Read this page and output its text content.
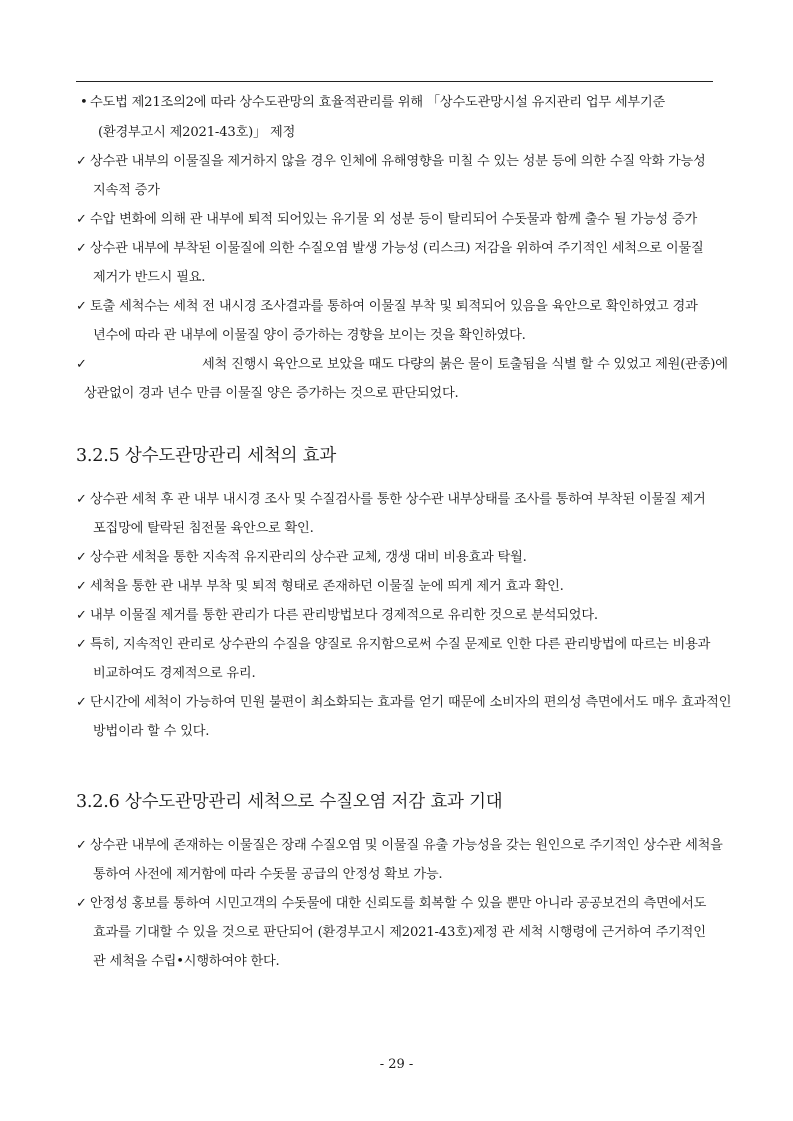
• 수도법 제21조의2에 따라 상수도관망의 효율적관리를 위해 「상수도관망시설 유지관리 업무 세부기준
(환경부고시 제2021-43호)」 제정
✓ 상수관 내부의 이물질을 제거하지 않을 경우 인체에 유해영향을 미칠 수 있는 성분 등에 의한 수질 악화 가능성
지속적 증가
✓ 수압 변화에 의해 관 내부에 퇴적 되어있는 유기물 외 성분 등이 탈리되어 수돗물과 함께 출수 될 가능성 증가
✓ 상수관 내부에 부착된 이물질에 의한 수질오염 발생 가능성 (리스크) 저감을 위하여 주기적인 세척으로 이물질
제거가 반드시 필요.
✓ 토출 세척수는 세척 전 내시경 조사결과를 통하여 이물질 부착 및 퇴적되어 있음을 육안으로 확인하였고 경과
년수에 따라 관 내부에 이물질 양이 증가하는 경향을 보이는 것을 확인하였다.
✓	세척 진행시 육안으로 보았을 때도 다량의 붉은 물이 토출됨을 식별 할 수 있었고 제원(관종)에
상관없이 경과 년수 만큼 이물질 양은 증가하는 것으로 판단되었다.
3.2.5 상수도관망관리 세척의 효과
✓ 상수관 세척 후 관 내부 내시경 조사 및 수질검사를 통한 상수관 내부상태를 조사를 통하여 부착된 이물질 제거
포집망에 탈락된 침전물 육안으로 확인.
✓ 상수관 세척을 통한 지속적 유지관리의 상수관 교체, 갱생 대비 비용효과 탁월.
✓ 세척을 통한 관 내부 부착 및 퇴적 형태로 존재하던 이물질 눈에 띄게 제거 효과 확인.
✓ 내부 이물질 제거를 통한 관리가 다른 관리방법보다 경제적으로 유리한 것으로 분석되었다.
✓ 특히, 지속적인 관리로 상수관의 수질을 양질로 유지함으로써 수질 문제로 인한 다른 관리방법에 따르는 비용과
비교하여도 경제적으로 유리.
✓ 단시간에 세척이 가능하여 민원 불편이 최소화되는 효과를 얻기 때문에 소비자의 편의성 측면에서도 매우 효과적인
방법이라 할 수 있다.
3.2.6 상수도관망관리 세척으로 수질오염 저감 효과 기대
✓ 상수관 내부에 존재하는 이물질은 장래 수질오염 및 이물질 유출 가능성을 갖는 원인으로 주기적인 상수관 세척을
통하여 사전에 제거함에 따라 수돗물 공급의 안정성 확보 가능.
✓ 안정성 홍보를 통하여 시민고객의 수돗물에 대한 신뢰도를 회복할 수 있을 뿐만 아니라 공공보건의 측면에서도
효과를 기대할 수 있을 것으로 판단되어 (환경부고시 제2021-43호)제정 관 세척 시행령에 근거하여 주기적인
관 세척을 수립•시행하여야 한다.
- 29 -
